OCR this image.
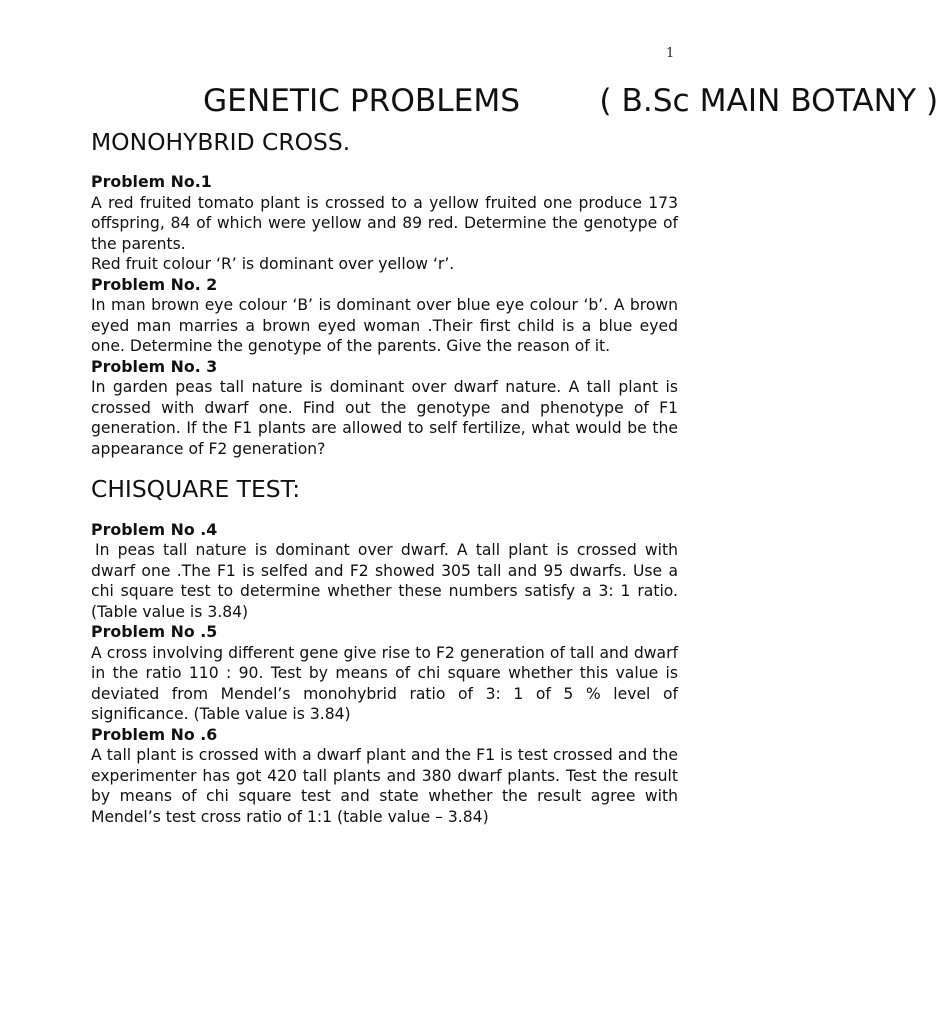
1
GENETIC PROBLEMS        ( B.Sc MAIN BOTANY )
MONOHYBRID CROSS.
Problem No.1

A red fruited tomato plant is crossed to a yellow fruited one produce 173 offspring, 84 of which were yellow and 89 red. Determine the genotype of the parents.

Red fruit colour ‘R’ is dominant over yellow ‘r’.

Problem No. 2

In man brown eye colour ‘B’ is dominant over blue eye colour ‘b’. A brown eyed man marries a brown eyed woman .Their first child is a blue eyed one. Determine the genotype of the parents. Give the reason of it.

Problem No. 3

In garden peas tall nature is dominant over dwarf nature. A tall plant is crossed with dwarf one. Find out the genotype and phenotype of F1 generation. If the F1 plants are allowed to self fertilize, what would be the appearance of F2 generation?

CHISQUARE TEST:
Problem No .4

In peas tall nature is dominant over dwarf. A tall plant is crossed with dwarf one .The F1 is selfed and F2 showed 305 tall and 95 dwarfs. Use a chi square test to determine whether these numbers satisfy a 3: 1 ratio. (Table value is 3.84)

Problem No .5

A cross involving different gene give rise to F2 generation of tall and dwarf in the ratio 110 : 90. Test by means of chi square whether this value is deviated from Mendel’s monohybrid ratio of 3: 1 of 5 % level of significance. (Table value is 3.84)

Problem No .6

A tall plant is crossed with a dwarf plant and the F1 is test crossed and the experimenter has got 420 tall plants and 380 dwarf plants. Test the result by means of chi square test and state whether the result agree with Mendel’s test cross ratio of 1:1 (table value – 3.84)
